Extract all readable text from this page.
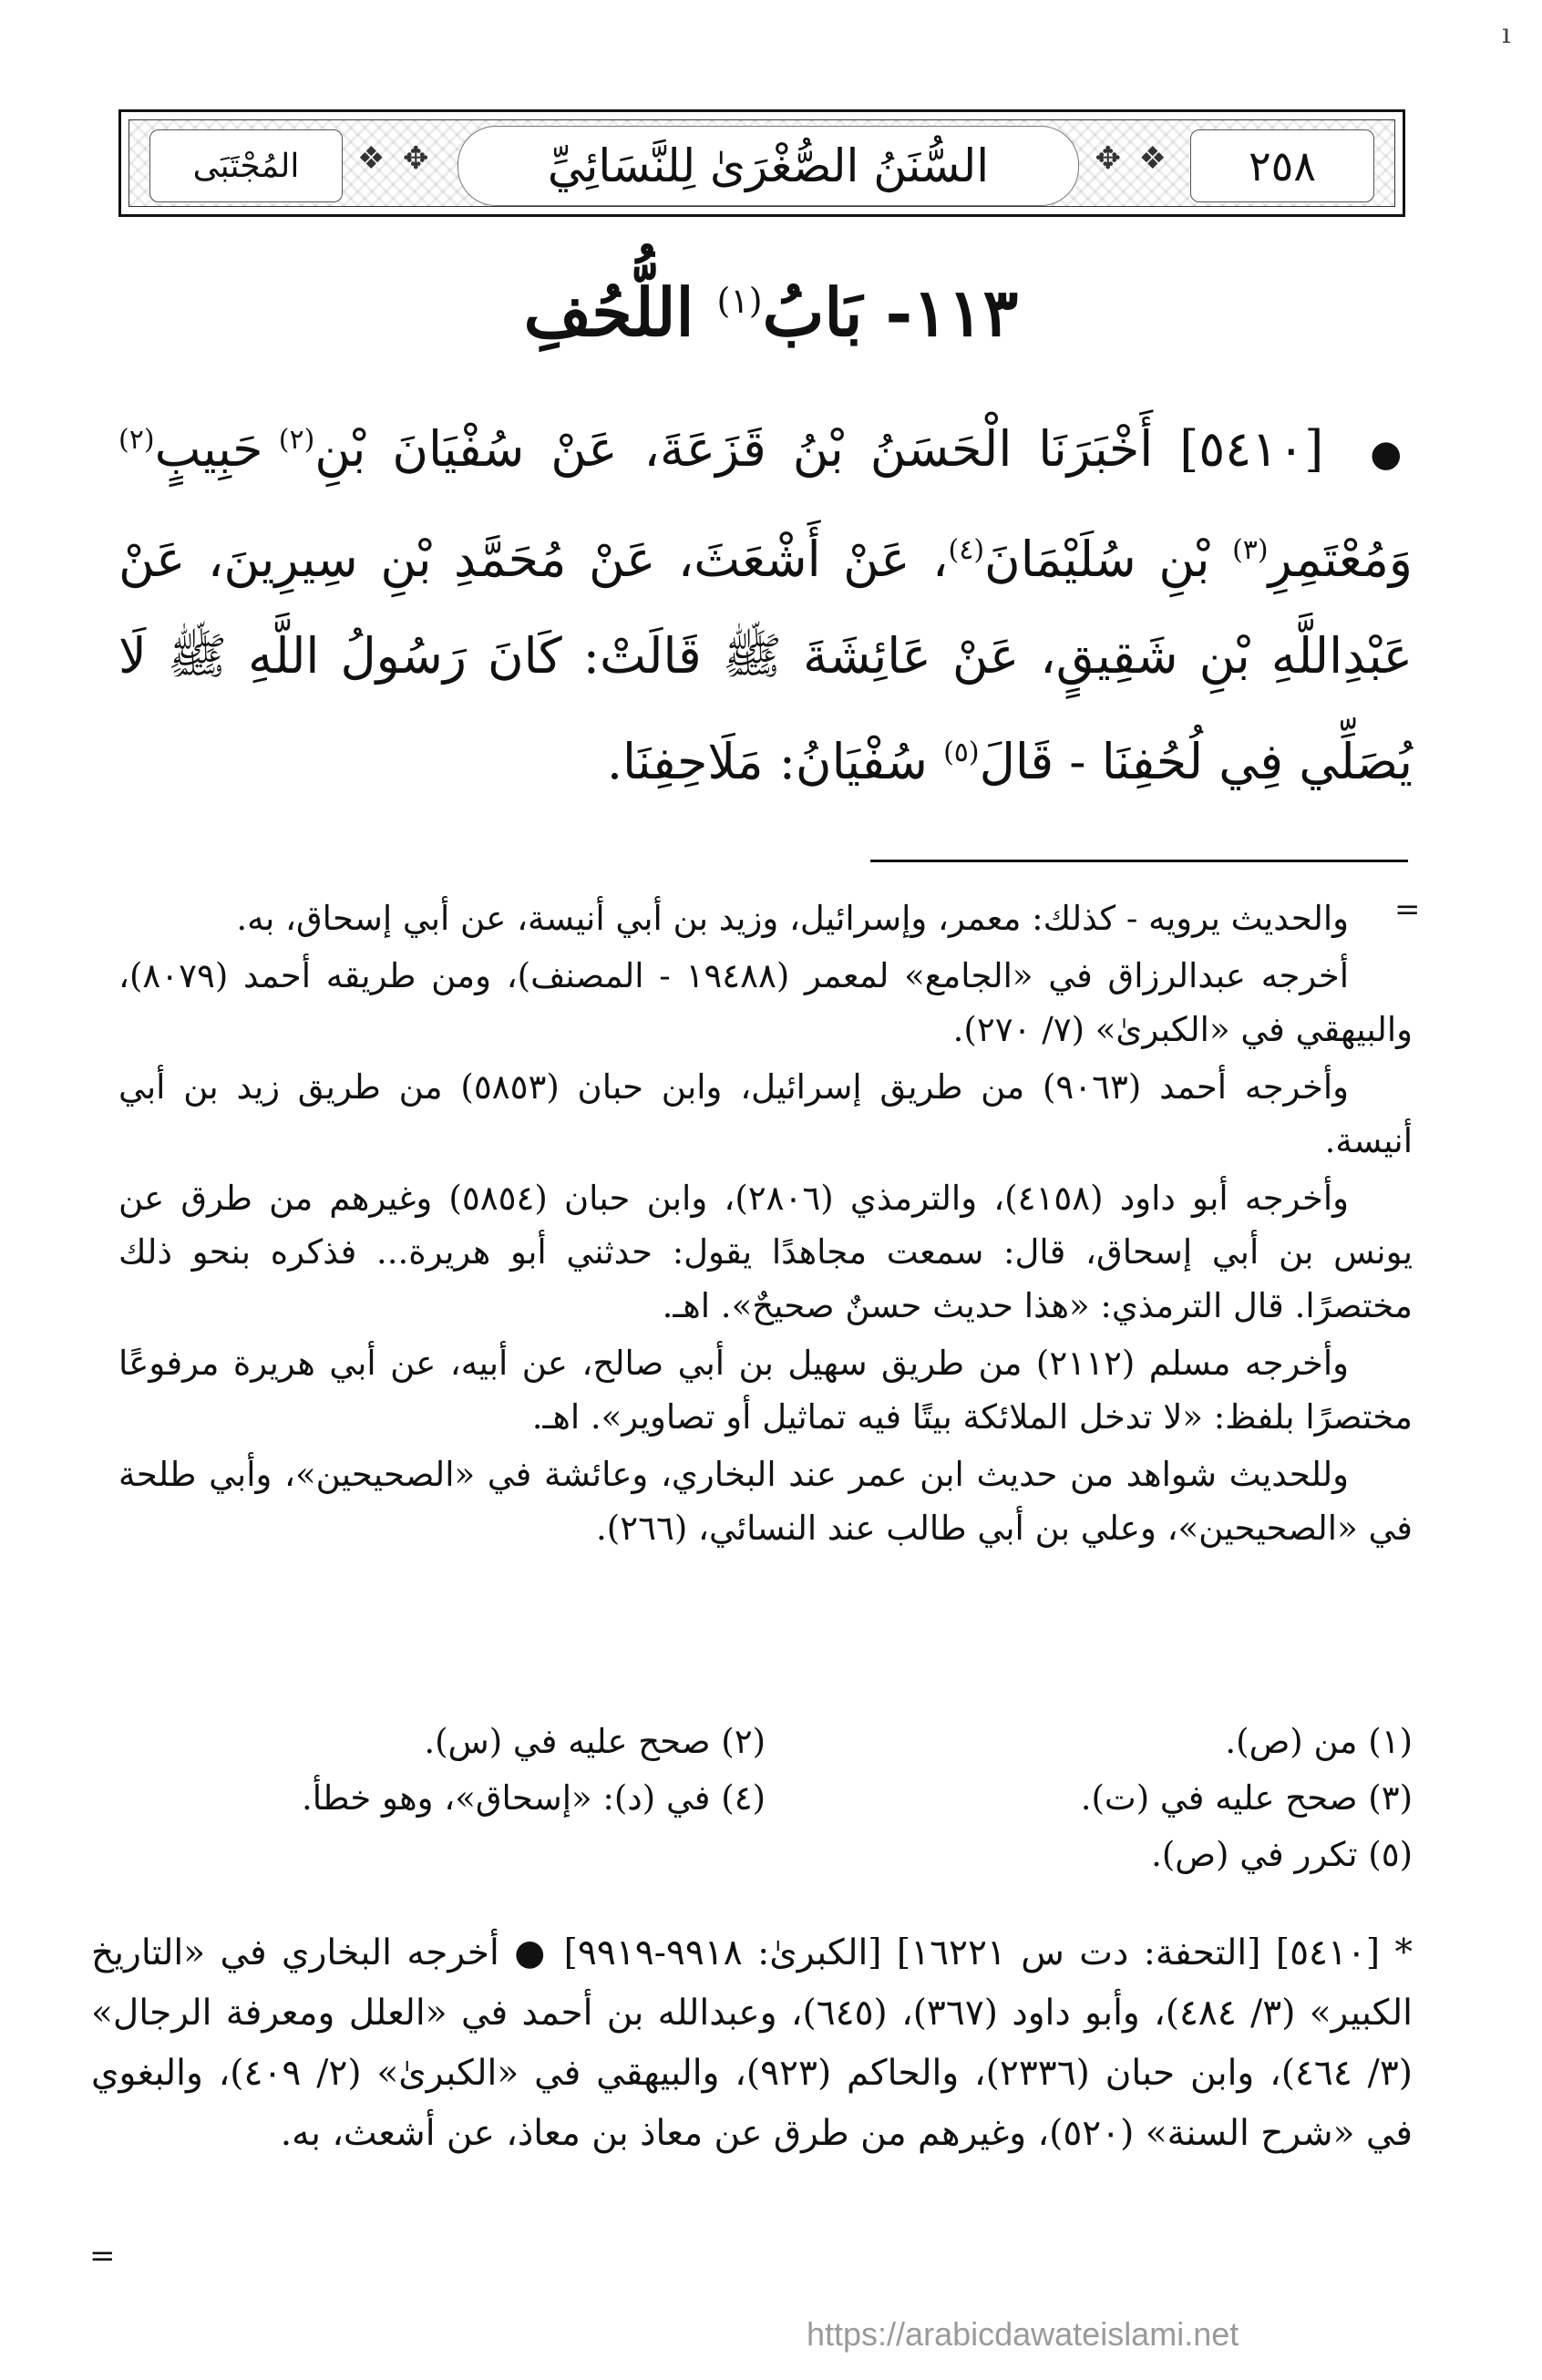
ı
❖ ✥	❖
✥
المُجْتَبَى	السُّنَنُ الصُّغْرَىٰ لِلنَّسَائِيِّ	٢٥٨
١١٣- بَابُ$^{(١)}$ اللُّحُفِ

● [٥٤١٠] أَخْبَرَنَا الْحَسَنُ بْنُ قَزَعَةَ، عَنْ سُفْيَانَ بْنِ$^{(٢)}$ حَبِيبٍ$^{(٢)}$ وَمُعْتَمِرِ$^{(٣)}$ بْنِ سُلَيْمَانَ$^{(٤)}$، عَنْ أَشْعَثَ، عَنْ مُحَمَّدِ بْنِ سِيرِينَ، عَنْ عَبْدِاللَّهِ بْنِ شَقِيقٍ، عَنْ عَائِشَةَ ﷺ قَالَتْ: كَانَ رَسُولُ اللَّهِ ﷺ لَا يُصَلِّي فِي لُحُفِنَا - قَالَ$^{(٥)}$ سُفْيَانُ: مَلَاحِفِنَا.

=

والحديث يرويه - كذلك: معمر، وإسرائيل، وزيد بن أبي أنيسة، عن أبي إسحاق، به.

أخرجه عبدالرزاق في «الجامع» لمعمر (١٩٤٨٨ - المصنف)، ومن طريقه أحمد (٨٠٧٩)، والبيهقي في «الكبرىٰ» (٧/ ٢٧٠).

وأخرجه أحمد (٩٠٦٣) من طريق إسرائيل، وابن حبان (٥٨٥٣) من طريق زيد بن أبي أنيسة.

وأخرجه أبو داود (٤١٥٨)، والترمذي (٢٨٠٦)، وابن حبان (٥٨٥٤) وغيرهم من طرق عن يونس بن أبي إسحاق، قال: سمعت مجاهدًا يقول: حدثني أبو هريرة... فذكره بنحو ذلك مختصرًا. قال الترمذي: «هذا حديث حسنٌ صحيحٌ». اهـ.

وأخرجه مسلم (٢١١٢) من طريق سهيل بن أبي صالح، عن أبيه، عن أبي هريرة مرفوعًا مختصرًا بلفظ: «لا تدخل الملائكة بيتًا فيه تماثيل أو تصاوير». اهـ.

وللحديث شواهد من حديث ابن عمر عند البخاري، وعائشة في «الصحيحين»، وأبي طلحة في «الصحيحين»، وعلي بن أبي طالب عند النسائي، (٢٦٦).

(١) من (ص).
(٢) صحح عليه في (س).
(٣) صحح عليه في (ت).
(٤) في (د): «إسحاق»، وهو خطأ.
(٥) تكرر في (ص).

* [٥٤١٠] [التحفة: دت س ١٦٢٢١] [الكبرىٰ: ٩٩١٨-٩٩١٩] ● أخرجه البخاري في «التاريخ الكبير» (٣/ ٤٨٤)، وأبو داود (٣٦٧)، (٦٤٥)، وعبدالله بن أحمد في «العلل ومعرفة الرجال» (٣/ ٤٦٤)، وابن حبان (٢٣٣٦)، والحاكم (٩٢٣)، والبيهقي في «الكبرىٰ» (٢/ ٤٠٩)، والبغوي في «شرح السنة» (٥٢٠)، وغيرهم من طرق عن معاذ بن معاذ، عن أشعث، به.

=
https://arabicdawateislami.net
